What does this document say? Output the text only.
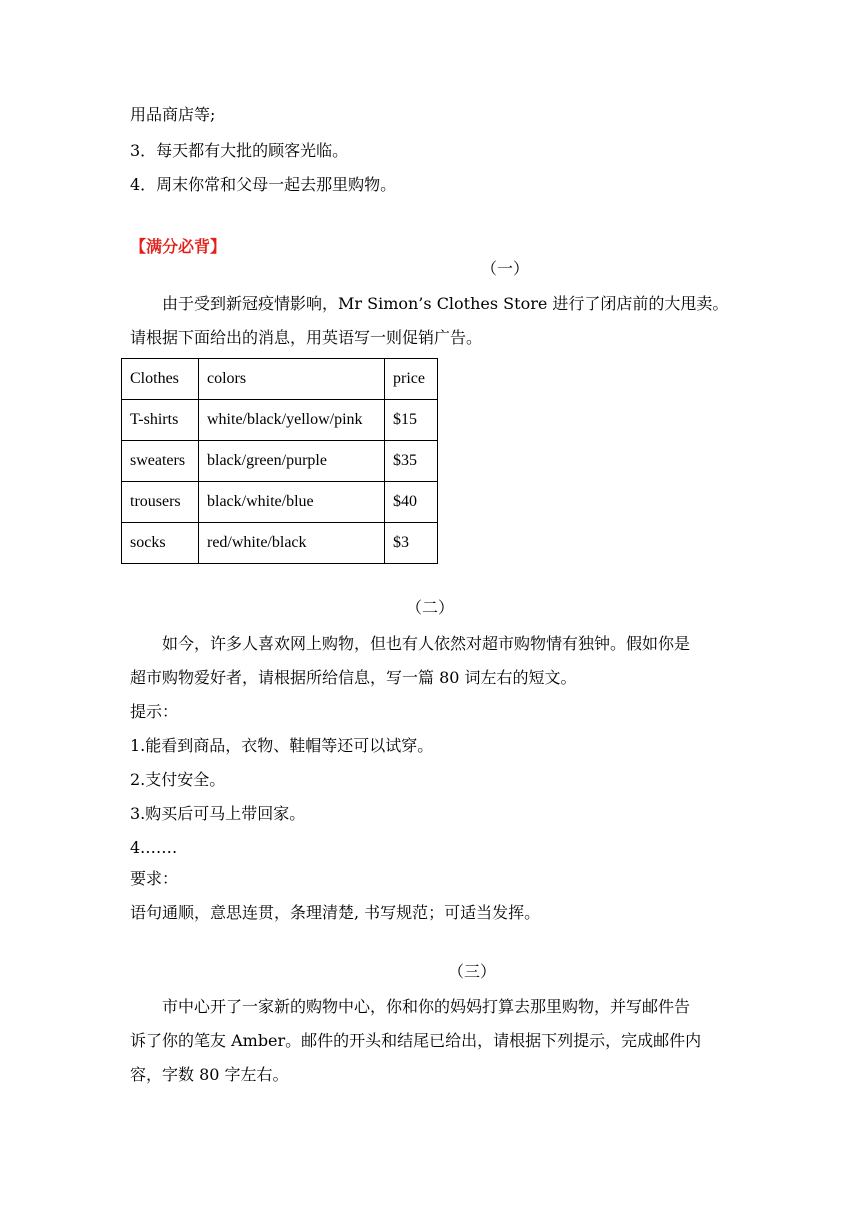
用品商店等;
3．每天都有大批的顾客光临。
4．周末你常和父母一起去那里购物。
【满分必背】
（一）
由于受到新冠疫情影响，Mr Simon’s Clothes Store 进行了闭店前的大甩卖。
请根据下面给出的消息，用英语写一则促销广告。
Clothes	colors	price
T-shirts	white/black/yellow/pink	$15
sweaters	black/green/purple	$35
trousers	black/white/blue	$40
socks	red/white/black	$3
（二）
如今，许多人喜欢网上购物，但也有人依然对超市购物情有独钟。假如你是
超市购物爱好者，请根据所给信息，写一篇 80 词左右的短文。
提示：
1.能看到商品，衣物、鞋帽等还可以试穿。
2.支付安全。
3.购买后可马上带回家。
4.……
要求：
语句通顺，意思连贯，条理清楚, 书写规范；可适当发挥。
（三）
市中心开了一家新的购物中心，你和你的妈妈打算去那里购物，并写邮件告
诉了你的笔友 Amber。邮件的开头和结尾已给出，请根据下列提示，完成邮件内
容，字数 80 字左右。
